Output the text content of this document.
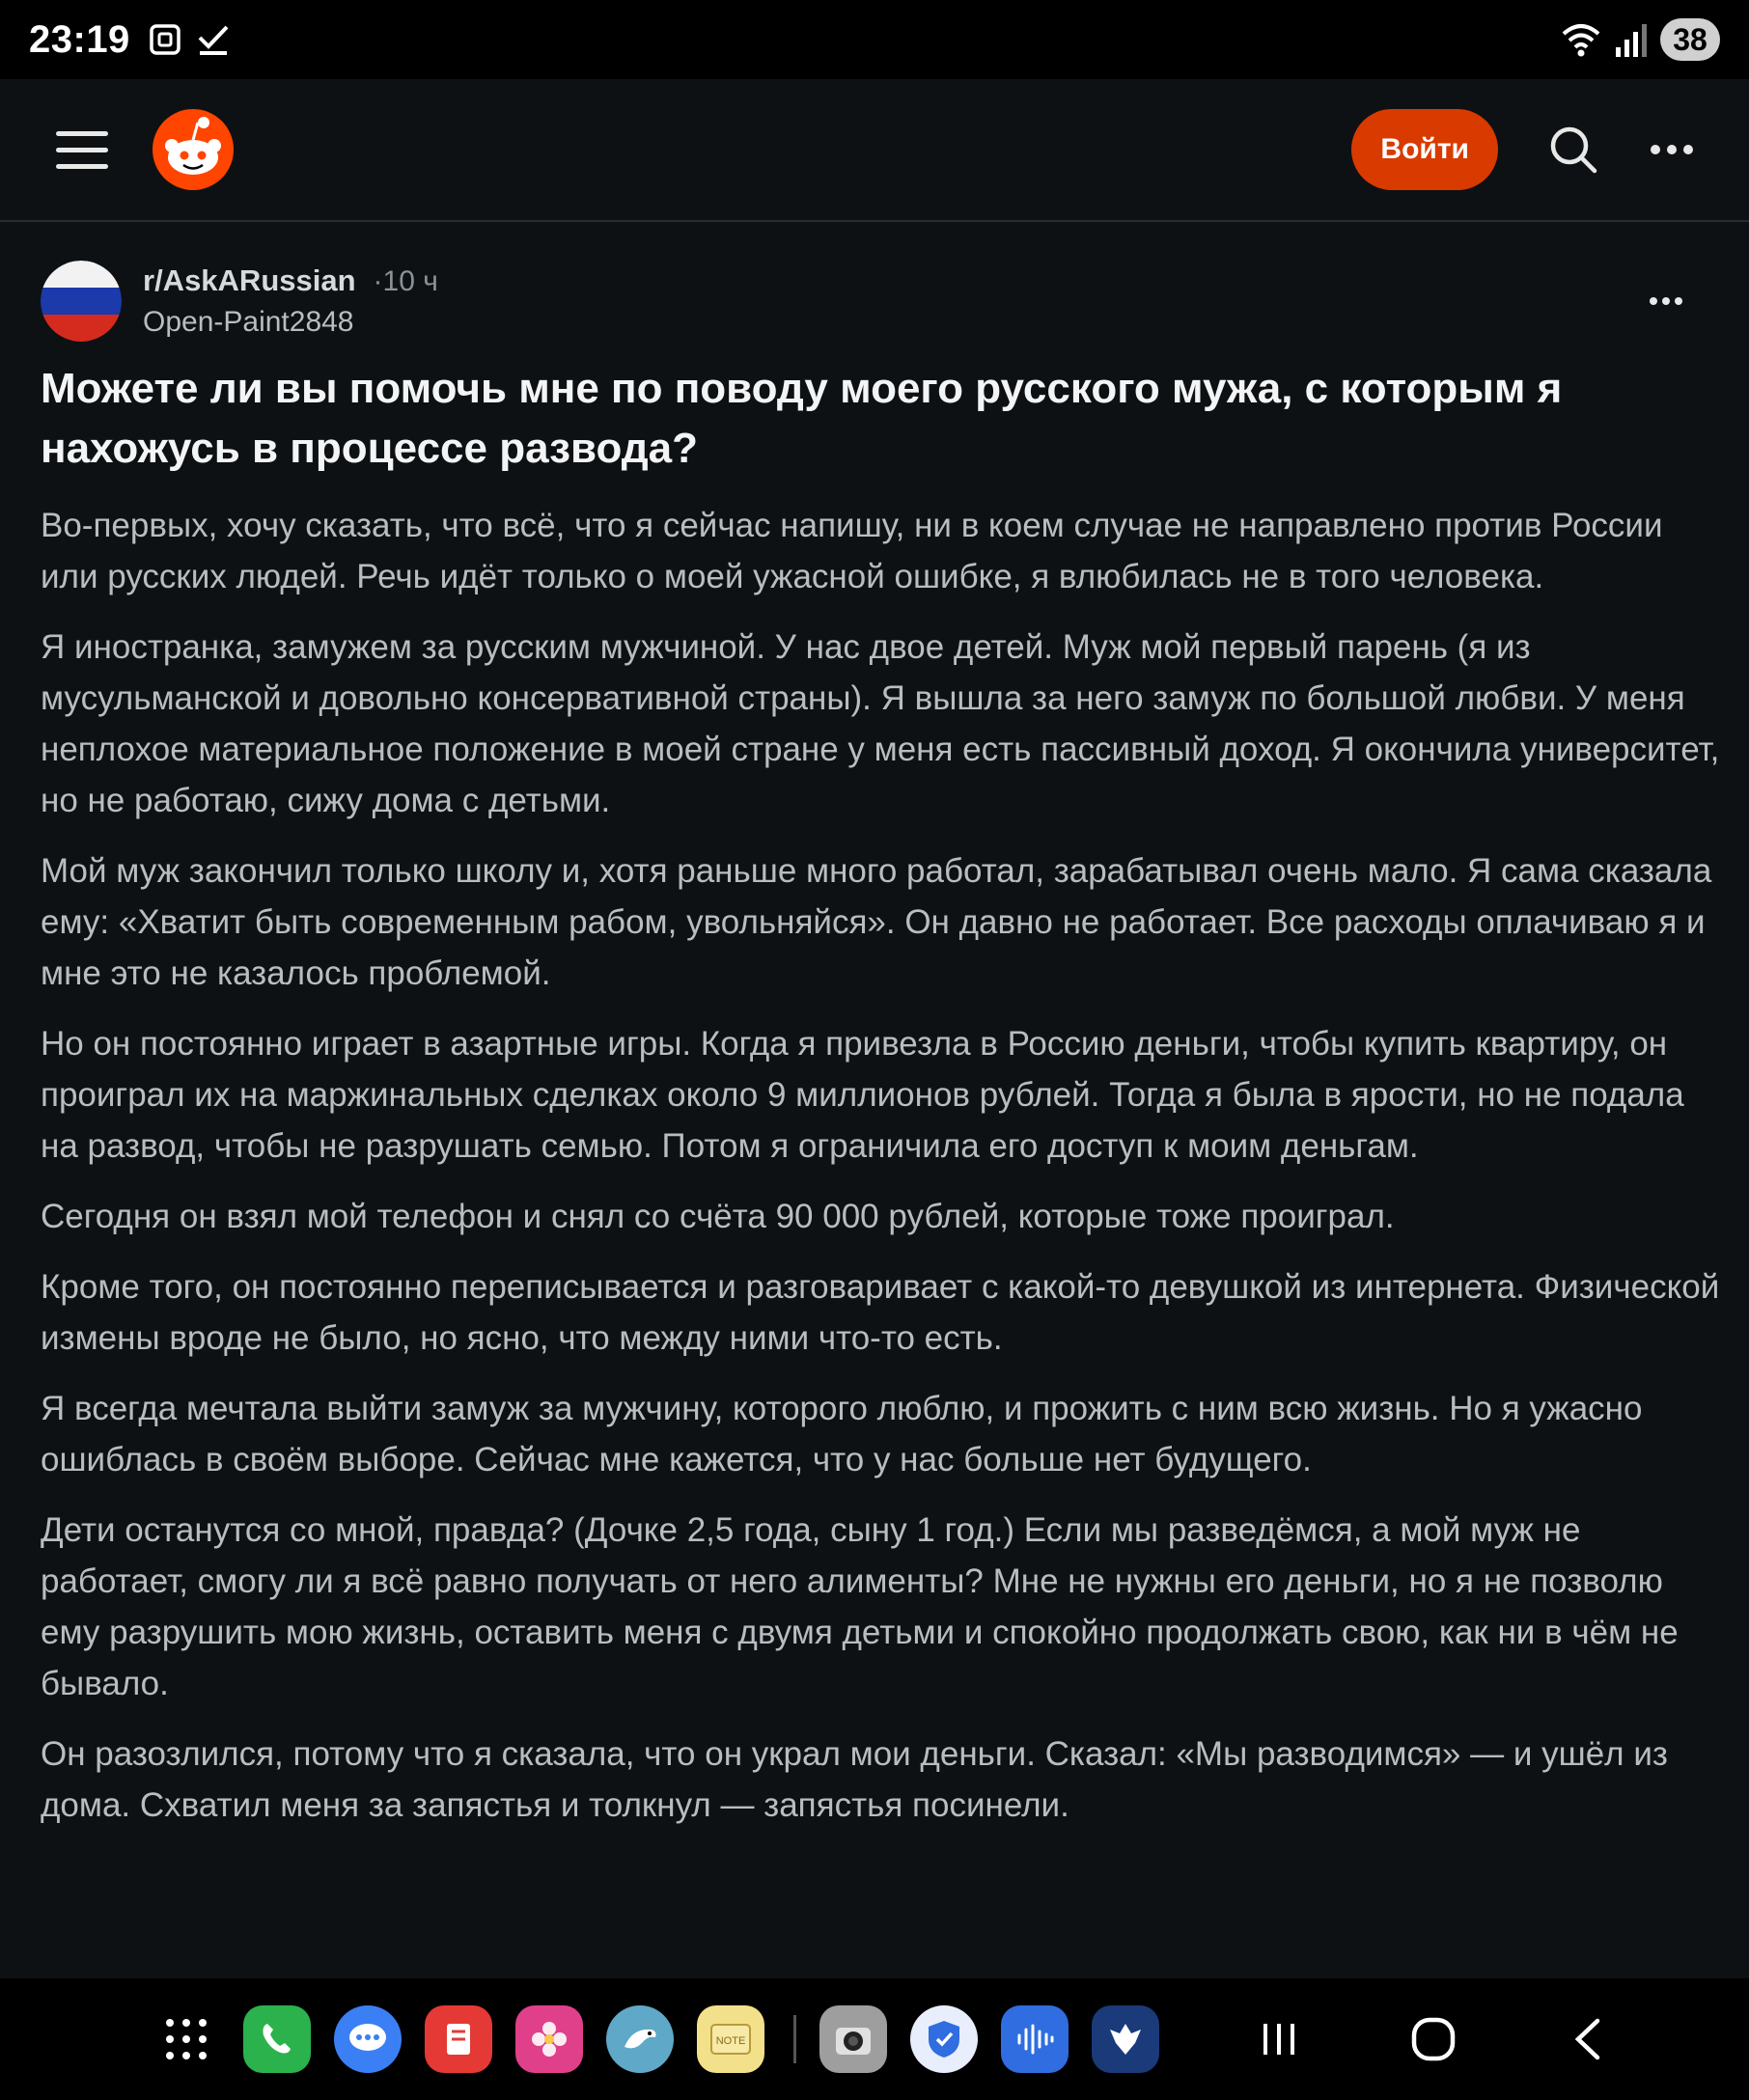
23:19	38
Войти
r/AskARussian ·10 ч
Open-Paint2848
Можете ли вы помочь мне по поводу моего русского мужа, с которым я нахожусь в процессе развода?

Во-первых, хочу сказать, что всё, что я сейчас напишу, ни в коем случае не направлено против России или русских людей. Речь идёт только о моей ужасной ошибке, я влюбилась не в того человека.

Я иностранка, замужем за русским мужчиной. У нас двое детей. Муж мой первый парень (я из мусульманской и довольно консервативной страны). Я вышла за него замуж по большой любви. У меня неплохое материальное положение в моей стране у меня есть пассивный доход. Я окончила университет, но не работаю, сижу дома с детьми.

Мой муж закончил только школу и, хотя раньше много работал, зарабатывал очень мало. Я сама сказала ему: «Хватит быть современным рабом, увольняйся». Он давно не работает. Все расходы оплачиваю я и мне это не казалось проблемой.

Но он постоянно играет в азартные игры. Когда я привезла в Россию деньги, чтобы купить квартиру, он проиграл их на маржинальных сделках около 9 миллионов рублей. Тогда я была в ярости, но не подала на развод, чтобы не разрушать семью. Потом я ограничила его доступ к моим деньгам.

Сегодня он взял мой телефон и снял со счёта 90 000 рублей, которые тоже проиграл.

Кроме того, он постоянно переписывается и разговаривает с какой-то девушкой из интернета. Физической измены вроде не было, но ясно, что между ними что-то есть.

Я всегда мечтала выйти замуж за мужчину, которого люблю, и прожить с ним всю жизнь. Но я ужасно ошиблась в своём выборе. Сейчас мне кажется, что у нас больше нет будущего.

Дети останутся со мной, правда? (Дочке 2,5 года, сыну 1 год.) Если мы разведёмся, а мой муж не работает, смогу ли я всё равно получать от него алименты? Мне не нужны его деньги, но я не позволю ему разрушить мою жизнь, оставить меня с двумя детьми и спокойно продолжать свою, как ни в чём не бывало.

Он разозлился, потому что я сказала, что он украл мои деньги. Сказал: «Мы разводимся» — и ушёл из дома. Схватил меня за запястья и толкнул — запястья посинели.

NOTE
